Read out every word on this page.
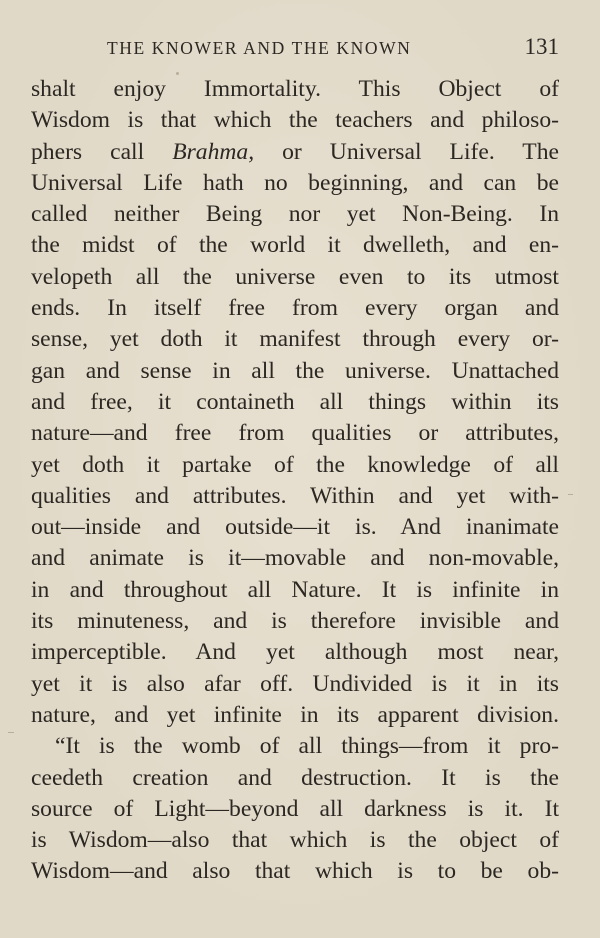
THE KNOWER AND THE KNOWN	131
shalt enjoy Immortality. This Object of
Wisdom is that which the teachers and philoso-
phers call Brahma, or Universal Life. The
Universal Life hath no beginning, and can be
called neither Being nor yet Non-Being. In
the midst of the world it dwelleth, and en-
velopeth all the universe even to its utmost
ends. In itself free from every organ and
sense, yet doth it manifest through every or-
gan and sense in all the universe. Unattached
and free, it containeth all things within its
nature—and free from qualities or attributes,
yet doth it partake of the knowledge of all
qualities and attributes. Within and yet with-
out—inside and outside—it is. And inanimate
and animate is it—movable and non-movable,
in and throughout all Nature. It is infinite in
its minuteness, and is therefore invisible and
imperceptible. And yet although most near,
yet it is also afar off. Undivided is it in its
nature, and yet infinite in its apparent division.
“It is the womb of all things—from it pro-
ceedeth creation and destruction. It is the
source of Light—beyond all darkness is it. It
is Wisdom—also that which is the object of
Wisdom—and also that which is to be ob-
